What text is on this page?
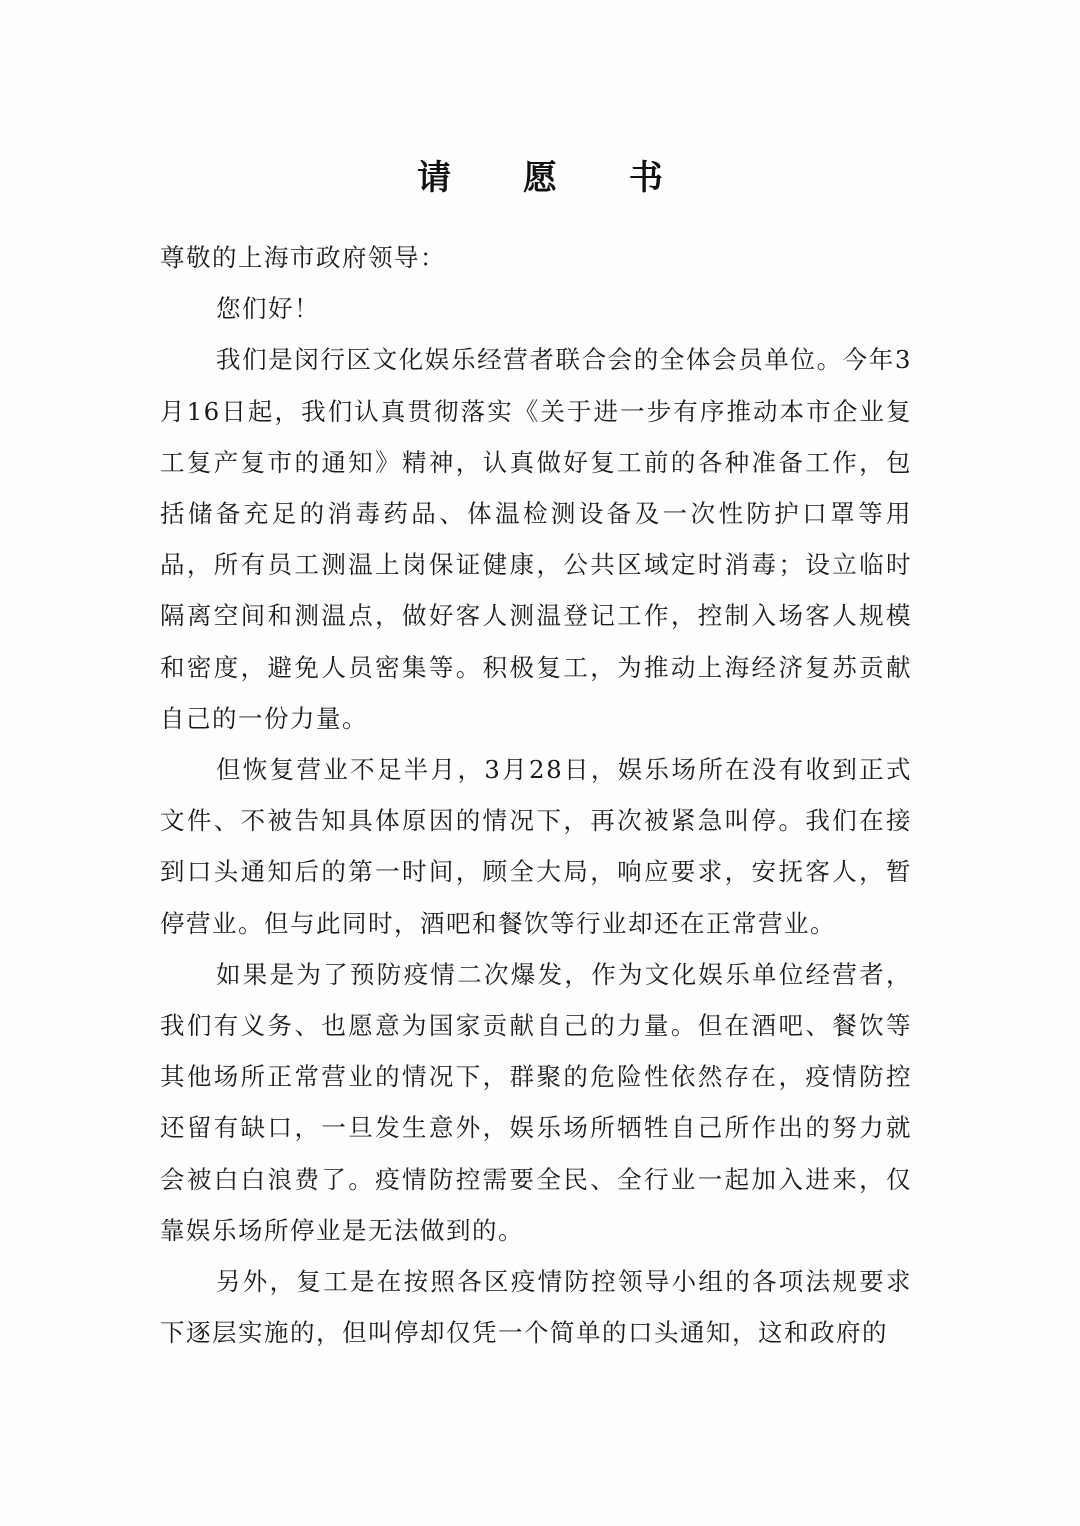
请 愿 书

尊敬的上海市政府领导：

您们好！

我们是闵行区文化娱乐经营者联合会的全体会员单位。今年3月16日起，我们认真贯彻落实《关于进一步有序推动本市企业复工复产复市的通知》精神，认真做好复工前的各种准备工作，包括储备充足的消毒药品、体温检测设备及一次性防护口罩等用品，所有员工测温上岗保证健康，公共区域定时消毒；设立临时隔离空间和测温点，做好客人测温登记工作，控制入场客人规模和密度，避免人员密集等。积极复工，为推动上海经济复苏贡献自己的一份力量。

但恢复营业不足半月，3月28日，娱乐场所在没有收到正式文件、不被告知具体原因的情况下，再次被紧急叫停。我们在接到口头通知后的第一时间，顾全大局，响应要求，安抚客人，暂停营业。但与此同时，酒吧和餐饮等行业却还在正常营业。

如果是为了预防疫情二次爆发，作为文化娱乐单位经营者，我们有义务、也愿意为国家贡献自己的力量。但在酒吧、餐饮等其他场所正常营业的情况下，群聚的危险性依然存在，疫情防控还留有缺口，一旦发生意外，娱乐场所牺牲自己所作出的努力就会被白白浪费了。疫情防控需要全民、全行业一起加入进来，仅靠娱乐场所停业是无法做到的。

另外，复工是在按照各区疫情防控领导小组的各项法规要求下逐层实施的，但叫停却仅凭一个简单的口头通知，这和政府的
